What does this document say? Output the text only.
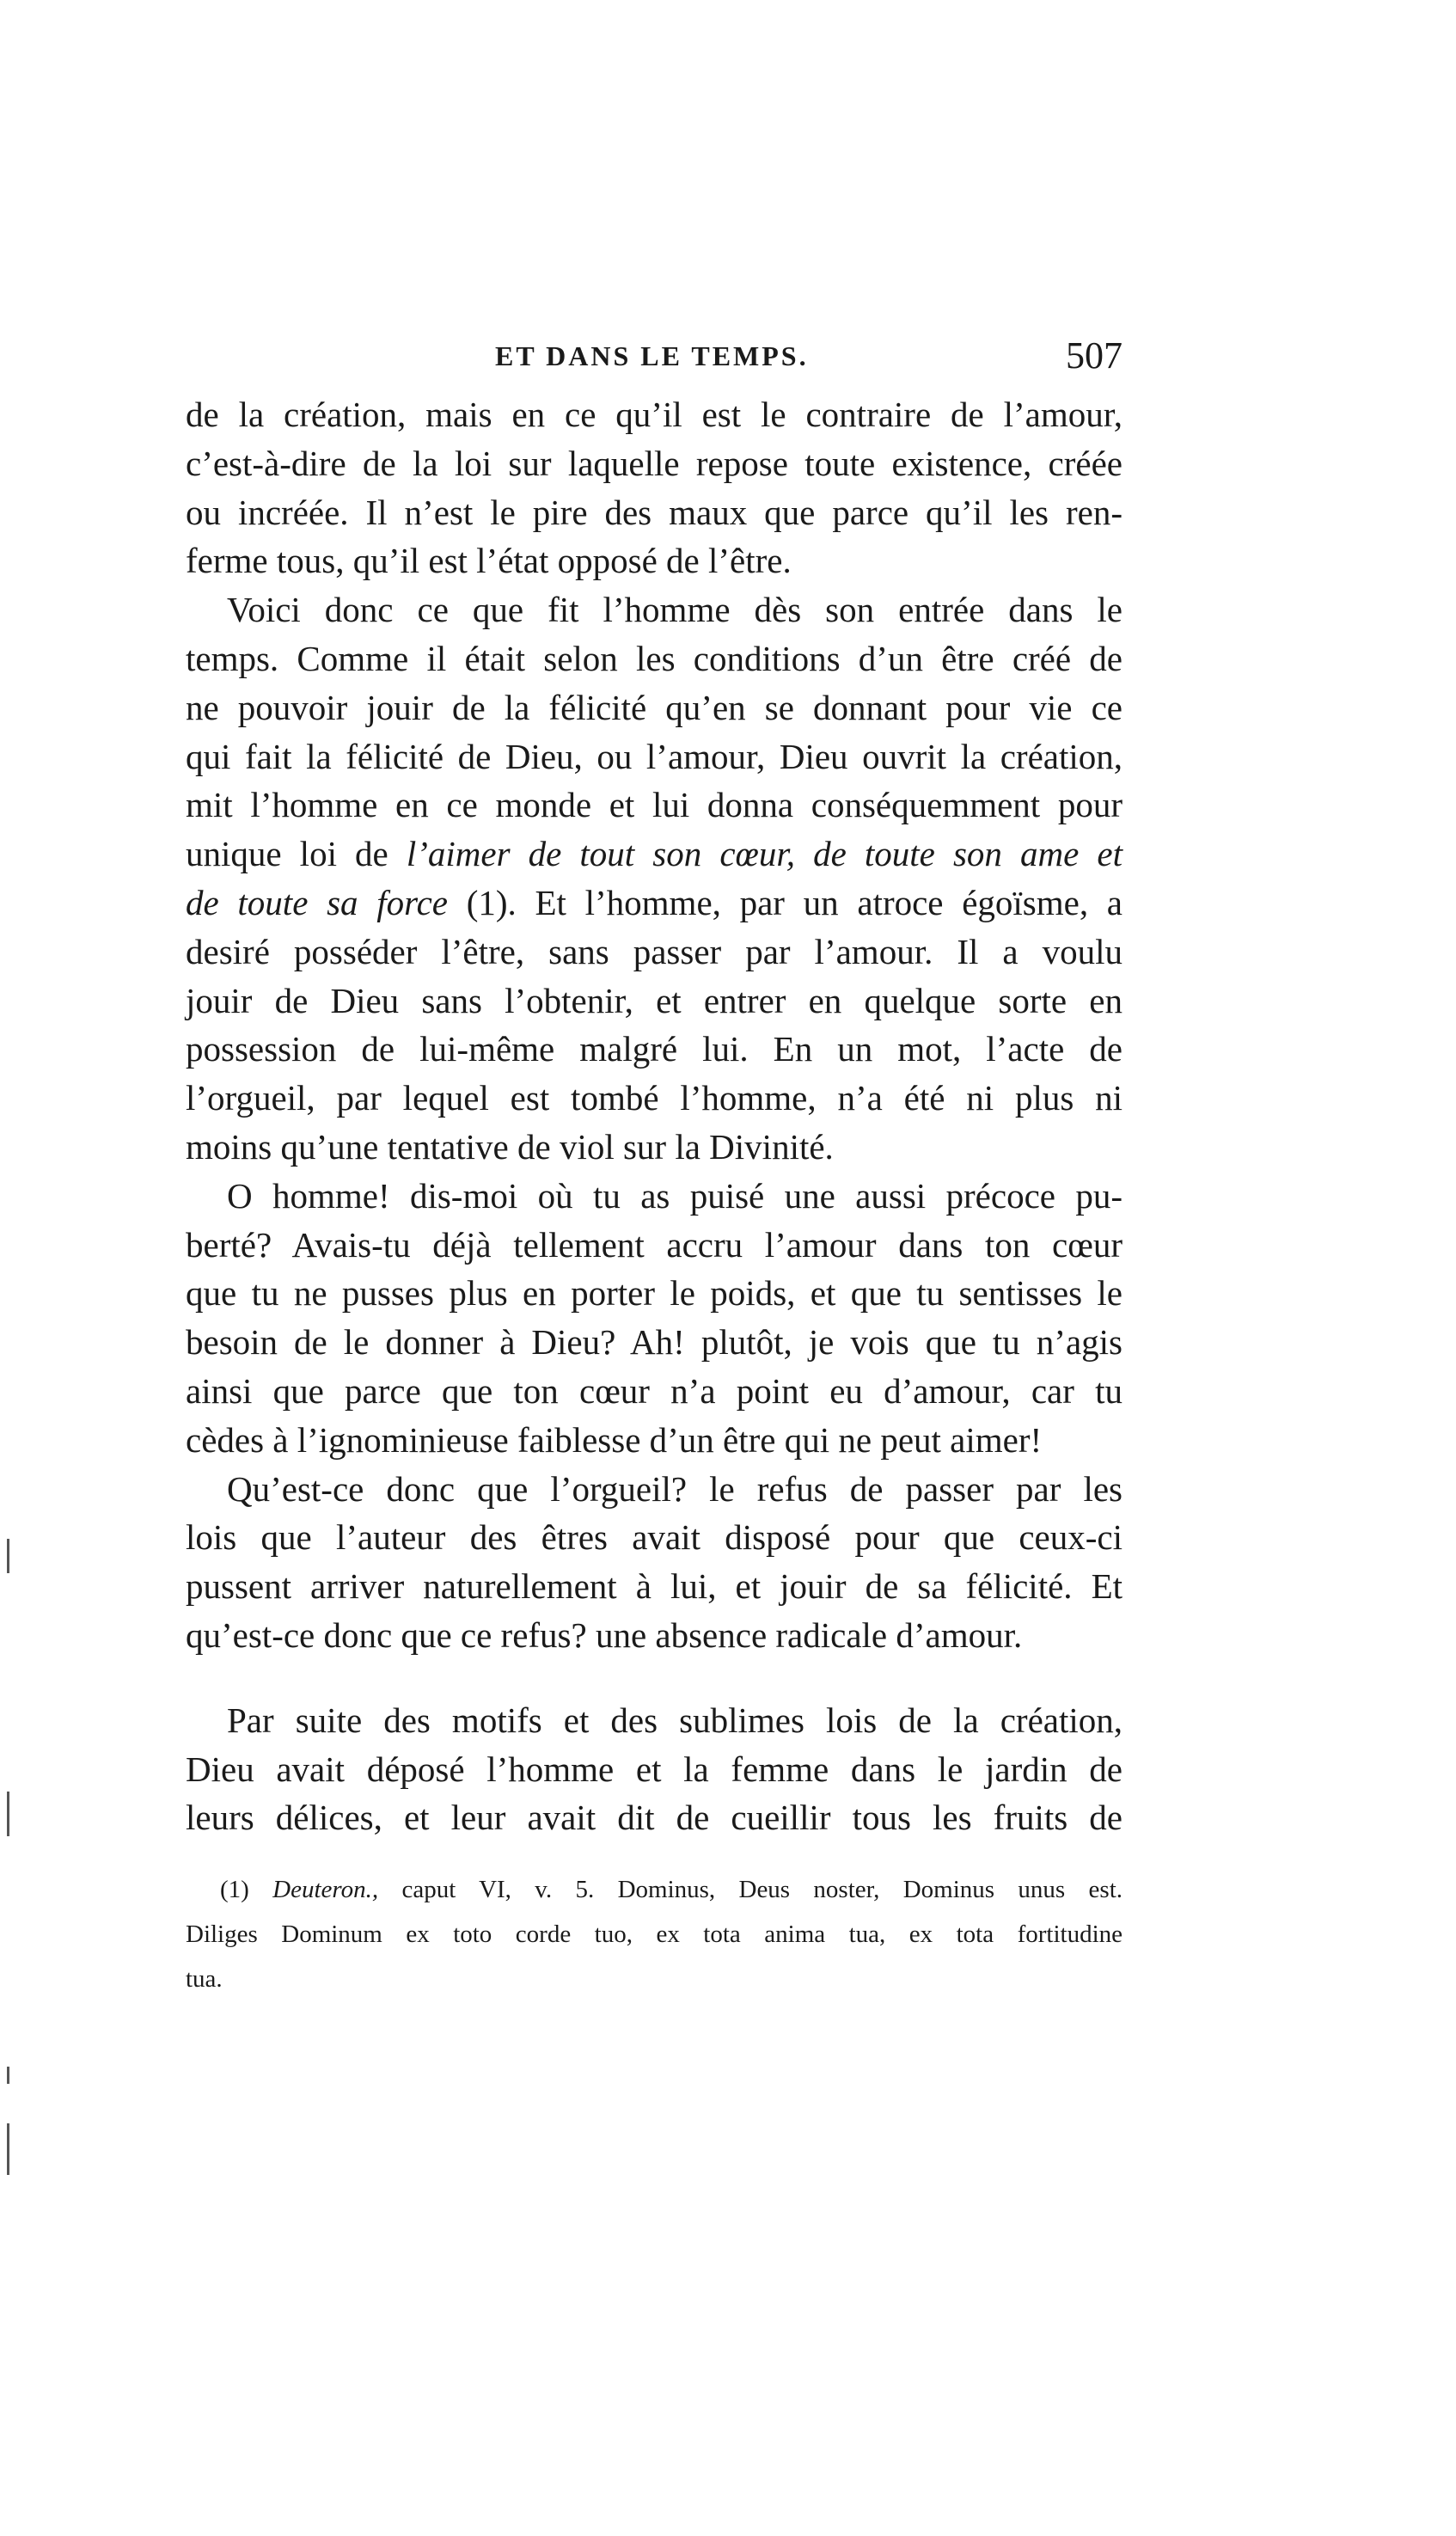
ET DANS LE TEMPS.	507
de la création, mais en ce qu’il est le contraire de l’amour,
c’est-à-dire de la loi sur laquelle repose toute existence, créée
ou incréée. Il n’est le pire des maux que parce qu’il les ren-
ferme tous, qu’il est l’état opposé de l’être.
Voici donc ce que fit l’homme dès son entrée dans le
temps. Comme il était selon les conditions d’un être créé de
ne pouvoir jouir de la félicité qu’en se donnant pour vie ce
qui fait la félicité de Dieu, ou l’amour, Dieu ouvrit la création,
mit l’homme en ce monde et lui donna conséquemment pour
unique loi de l’aimer de tout son cœur, de toute son ame et
de toute sa force (1). Et l’homme, par un atroce égoïsme, a
desiré posséder l’être, sans passer par l’amour. Il a voulu
jouir de Dieu sans l’obtenir, et entrer en quelque sorte en
possession de lui-même malgré lui. En un mot, l’acte de
l’orgueil, par lequel est tombé l’homme, n’a été ni plus ni
moins qu’une tentative de viol sur la Divinité.
O homme! dis-moi où tu as puisé une aussi précoce pu-
berté? Avais-tu déjà tellement accru l’amour dans ton cœur
que tu ne pusses plus en porter le poids, et que tu sentisses le
besoin de le donner à Dieu? Ah! plutôt, je vois que tu n’agis
ainsi que parce que ton cœur n’a point eu d’amour, car tu
cèdes à l’ignominieuse faiblesse d’un être qui ne peut aimer!
Qu’est-ce donc que l’orgueil? le refus de passer par les
lois que l’auteur des êtres avait disposé pour que ceux-ci
pussent arriver naturellement à lui, et jouir de sa félicité. Et
qu’est-ce donc que ce refus? une absence radicale d’amour.
Par suite des motifs et des sublimes lois de la création,
Dieu avait déposé l’homme et la femme dans le jardin de
leurs délices, et leur avait dit de cueillir tous les fruits de
(1) Deuteron., caput VI, v. 5. Dominus, Deus noster, Dominus unus est.
Diliges Dominum ex toto corde tuo, ex tota anima tua, ex tota fortitudine
tua.
